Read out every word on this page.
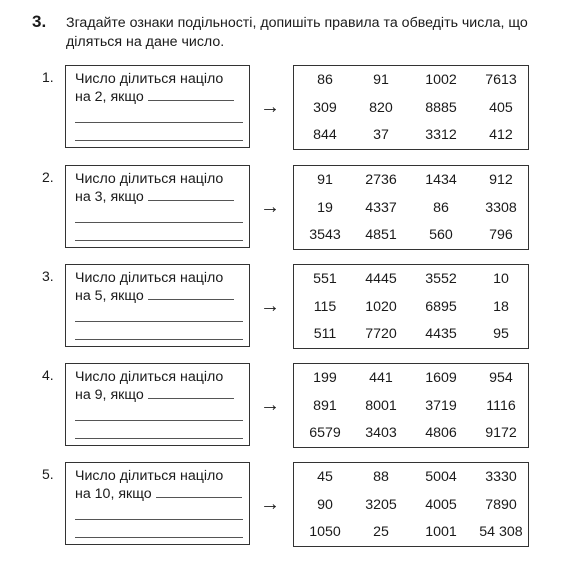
3. Згадайте ознаки подільності, допишіть правила та обведіть числа, що діляться на дане число.
1. Число ділиться націло
на 2, якщо	→
86	91	1002	7613
309	820	8885	405
844	37	3312	412
2. Число ділиться націло
на 3, якщо	→
91	2736	1434	912
19	4337	86	3308
3543	4851	560	796
3. Число ділиться націло
на 5, якщо	→
551	4445	3552	10
115	1020	6895	18
511	7720	4435	95
4. Число ділиться націло
на 9, якщо	→
199	441	1609	954
891	8001	3719	1116
6579	3403	4806	9172
5. Число ділиться націло
на 10, якщо	→
45	88	5004	3330
90	3205	4005	7890
1050	25	1001	54 308
